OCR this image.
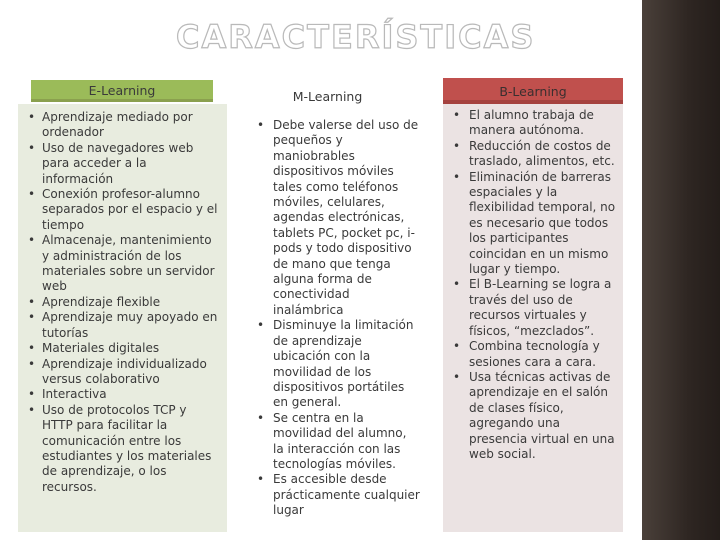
CARACTERÍSTICAS
E-Learning	M-Learning	B-Learning
• Aprendizaje mediado por ordenador
• Uso de navegadores web para acceder a la información
• Conexión profesor-alumno separados por el espacio y el tiempo
• Almacenaje, mantenimiento y administración de los materiales sobre un servidor web
• Aprendizaje flexible
• Aprendizaje muy apoyado en tutorías
• Materiales digitales
• Aprendizaje individualizado versus colaborativo
• Interactiva
• Uso de protocolos TCP y HTTP para facilitar la comunicación entre los estudiantes y los materiales de aprendizaje, o los recursos.
• Debe valerse del uso de pequeños y maniobrables dispositivos móviles tales como teléfonos móviles, celulares, agendas electrónicas, tablets PC, pocket pc, i-pods y todo dispositivo de mano que tenga alguna forma de conectividad inalámbrica
• Disminuye la limitación de aprendizaje ubicación con la movilidad de los dispositivos portátiles en general.
• Se centra en la movilidad del alumno, la interacción con las tecnologías móviles.
• Es accesible desde prácticamente cualquier lugar
• El alumno trabaja de manera autónoma.
• Reducción de costos de traslado, alimentos, etc.
• Eliminación de barreras espaciales y la flexibilidad temporal, no es necesario que todos los participantes coincidan en un mismo lugar y tiempo.
• El B-Learning se logra a través del uso de recursos virtuales y físicos, “mezclados”.
• Combina tecnología y sesiones cara a cara.
• Usa técnicas activas de aprendizaje en el salón de clases físico, agregando una presencia virtual en una web social.
